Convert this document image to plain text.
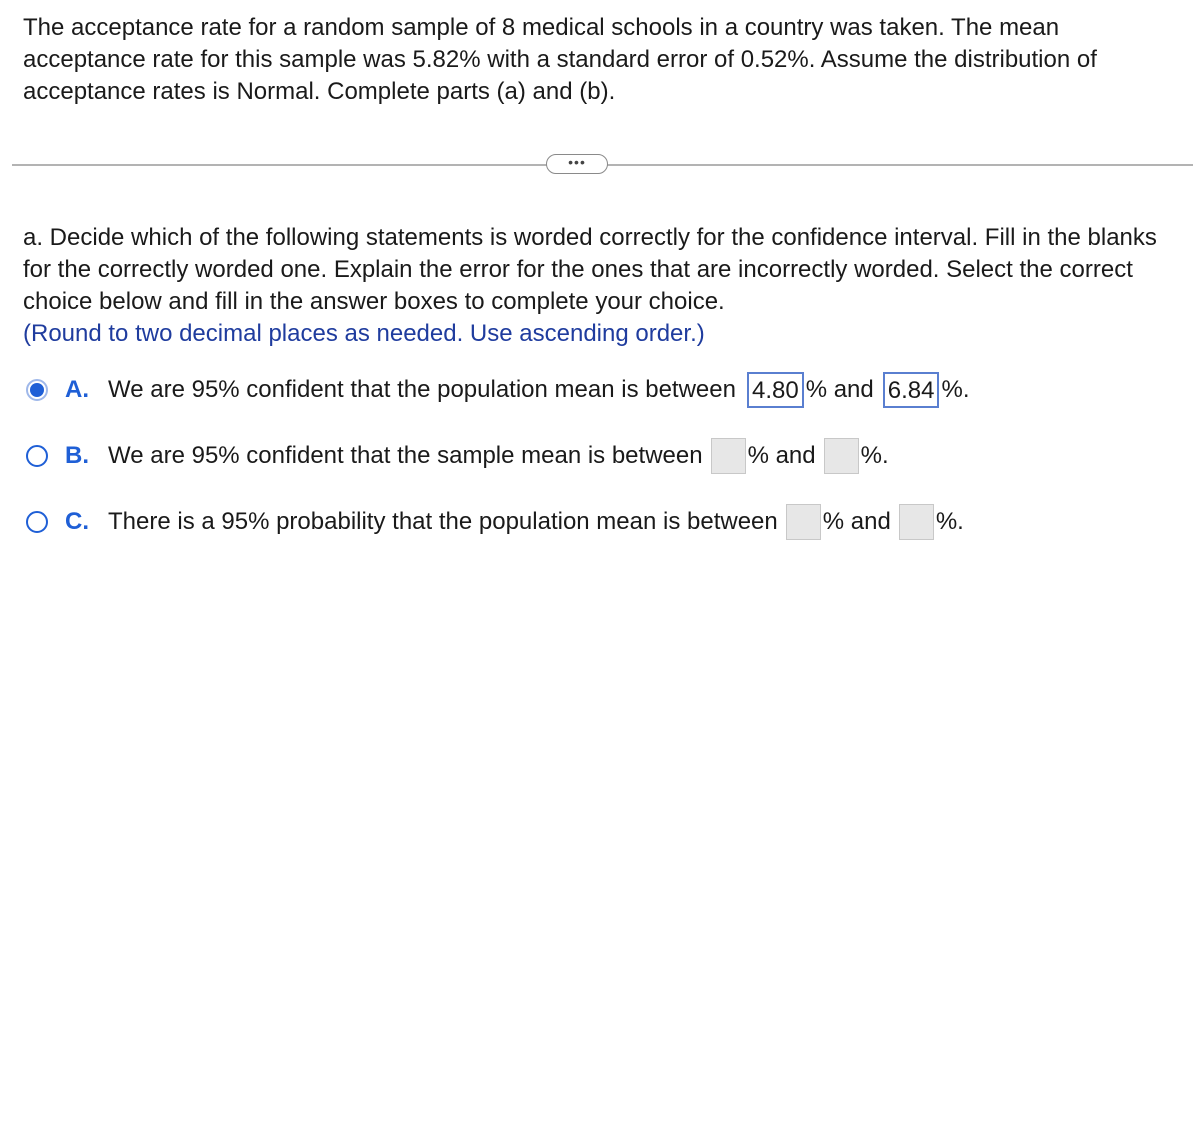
The acceptance rate for a random sample of 8 medical schools in a country was taken. The mean acceptance rate for this sample was 5.82% with a standard error of 0.52%. Assume the distribution of acceptance rates is Normal. Complete parts (a) and (b).

•••

a. Decide which of the following statements is worded correctly for the confidence interval. Fill in the blanks for the correctly worded one. Explain the error for the ones that are incorrectly worded. Select the correct choice below and fill in the answer boxes to complete your choice.
(Round to two decimal places as needed. Use ascending order.)

A. We are 95% confident that the population mean is between 4.80 % and 6.84 %.
B. We are 95% confident that the sample mean is between % and %.
C. There is a 95% probability that the population mean is between % and %.
